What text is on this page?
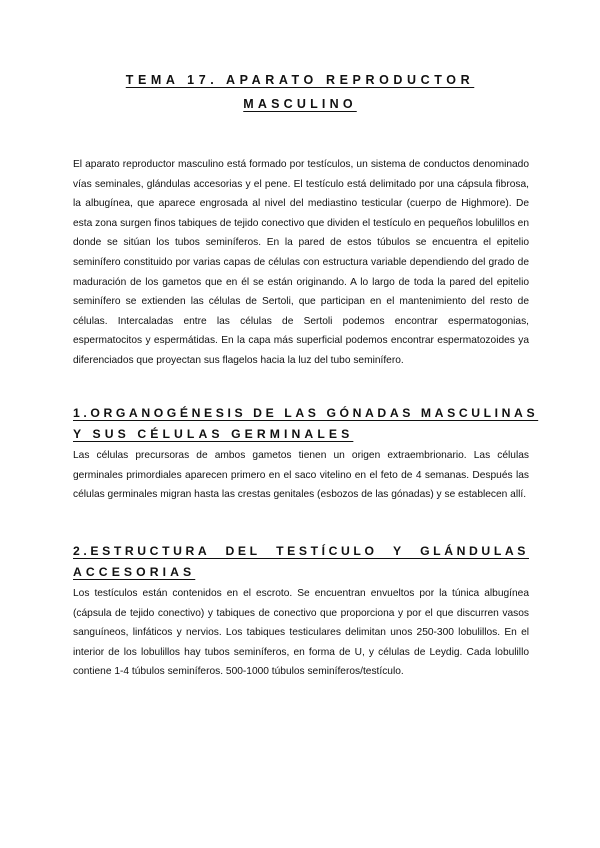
TEMA 17. APARATO REPRODUCTOR
MASCULINO

El aparato reproductor masculino está formado por testículos, un sistema de conductos denominado vías seminales, glándulas accesorias y el pene. El testículo está delimitado por una cápsula fibrosa, la albugínea, que aparece engrosada al nivel del mediastino testicular (cuerpo de Highmore). De esta zona surgen finos tabiques de tejido conectivo que dividen el testículo en pequeños lobulillos en donde se sitúan los tubos seminíferos. En la pared de estos túbulos se encuentra el epitelio seminífero constituido por varias capas de células con estructura variable dependiendo del grado de maduración de los gametos que en él se están originando. A lo largo de toda la pared del epitelio seminífero se extienden las células de Sertoli, que participan en el mantenimiento del resto de células. Intercaladas entre las células de Sertoli podemos encontrar espermatogonias, espermatocitos y espermátidas. En la capa más superficial podemos encontrar espermatozoides ya diferenciados que proyectan sus flagelos hacia la luz del tubo seminífero.

1.ORGANOGÉNESIS DE LAS GÓNADAS MASCULINAS
Y SUS CÉLULAS GERMINALES

Las células precursoras de ambos gametos tienen un origen extraembrionario. Las células germinales primordiales aparecen primero en el saco vitelino en el feto de 4 semanas. Después las células germinales migran hasta las crestas genitales (esbozos de las gónadas) y se establecen allí.

2.ESTRUCTURA DEL TESTÍCULO Y GLÁNDULAS
ACCESORIAS

Los testículos están contenidos en el escroto. Se encuentran envueltos por la túnica albugínea (cápsula de tejido conectivo) y tabiques de conectivo que proporciona y por el que discurren vasos sanguíneos, linfáticos y nervios. Los tabiques testiculares delimitan unos 250-300 lobulillos. En el interior de los lobulillos hay tubos seminíferos, en forma de U, y células de Leydig. Cada lobulillo contiene 1-4 túbulos seminíferos. 500-1000 túbulos seminíferos/testículo.
